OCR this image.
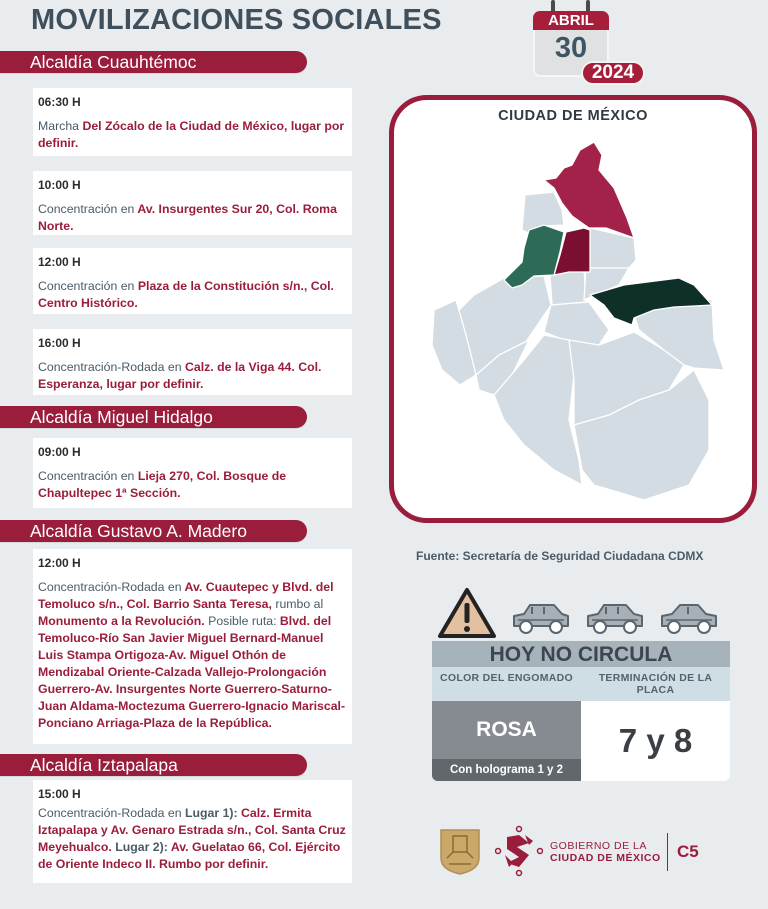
MOVILIZACIONES SOCIALES	ABRIL
30
2024
Alcaldía Cuauhtémoc
06:30 H
Marcha Del Zócalo de la Ciudad de México, lugar por definir.
10:00 H
Concentración en Av. Insurgentes Sur 20, Col. Roma Norte.
12:00 H
Concentración en Plaza de la Constitución s/n., Col. Centro Histórico.
16:00 H
Concentración-Rodada en Calz. de la Viga 44. Col. Esperanza, lugar por definir.
Alcaldía Miguel Hidalgo
09:00 H
Concentración en Lieja 270, Col. Bosque de Chapultepec 1ª Sección.
Alcaldía Gustavo A. Madero
12:00 H
Concentración-Rodada en Av. Cuautepec y Blvd. del Temoluco s/n., Col. Barrio Santa Teresa, rumbo al Monumento a la Revolución. Posible ruta: Blvd. del Temoluco-Río San Javier Miguel Bernard-Manuel Luis Stampa Ortigoza-Av. Miguel Othón de Mendizabal Oriente-Calzada Vallejo-Prolongación Guerrero-Av. Insurgentes Norte Guerrero-Saturno-Juan Aldama-Moctezuma Guerrero-Ignacio Mariscal-Ponciano Arriaga-Plaza de la República.
Alcaldía Iztapalapa
15:00 H
Concentración-Rodada en Lugar 1): Calz. Ermita Iztapalapa y Av. Genaro Estrada s/n., Col. Santa Cruz Meyehualco. Lugar 2): Av. Guelatao 66, Col. Ejército de Oriente Indeco II. Rumbo por definir.
CIUDAD DE MÉXICO
Fuente: Secretaría de Seguridad Ciudadana CDMX
HOY NO CIRCULA
COLOR DEL ENGOMADO	TERMINACIÓN DE LA PLACA
ROSA
Con holograma 1 y 2
7 y 8
GOBIERNO DE LA
CIUDAD DE MÉXICO C5
